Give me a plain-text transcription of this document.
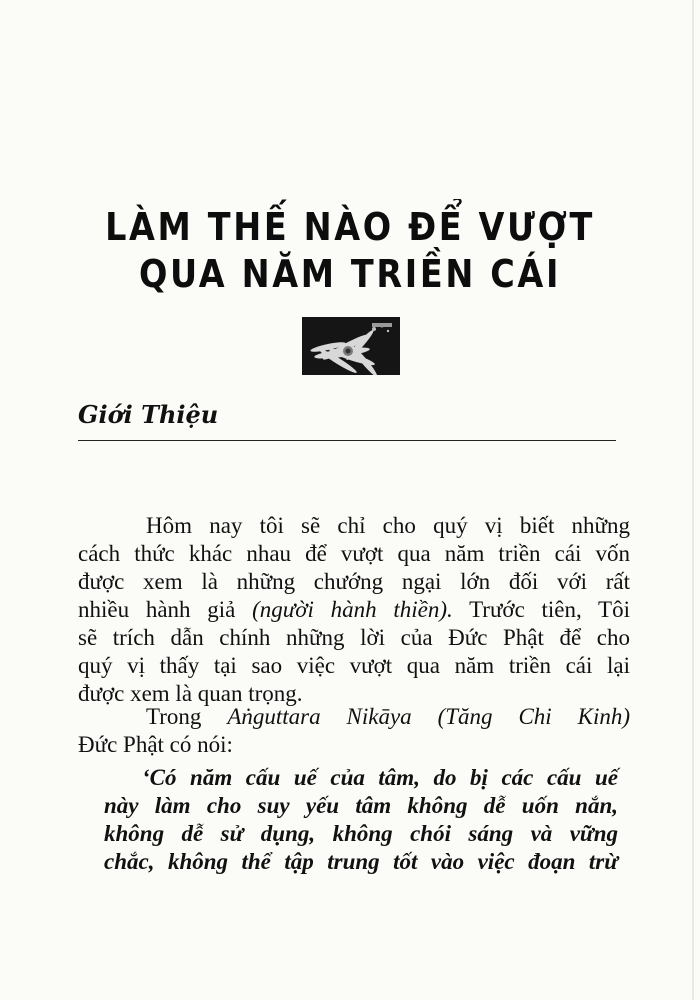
LÀM THẾ NÀO ĐỂ VƯỢT
QUA NĂM TRIỀN CÁI
Giới Thiệu
Hôm nay tôi sẽ chỉ cho quý vị biết những
cách thức khác nhau để vượt qua năm triền cái vốn
được xem là những chướng ngại lớn đối với rất
nhiều hành giả (người hành thiền). Trước tiên, Tôi
sẽ trích dẫn chính những lời của Đức Phật để cho
quý vị thấy tại sao việc vượt qua năm triền cái lại
được xem là quan trọng.
Trong Aṅguttara Nikāya (Tăng Chi Kinh)
Đức Phật có nói:
‘Có năm cấu uế của tâm, do bị các cấu uế
này làm cho suy yếu tâm không dễ uốn nắn,
không dễ sử dụng, không chói sáng và vững
chắc, không thể tập trung tốt vào việc đoạn trừ
